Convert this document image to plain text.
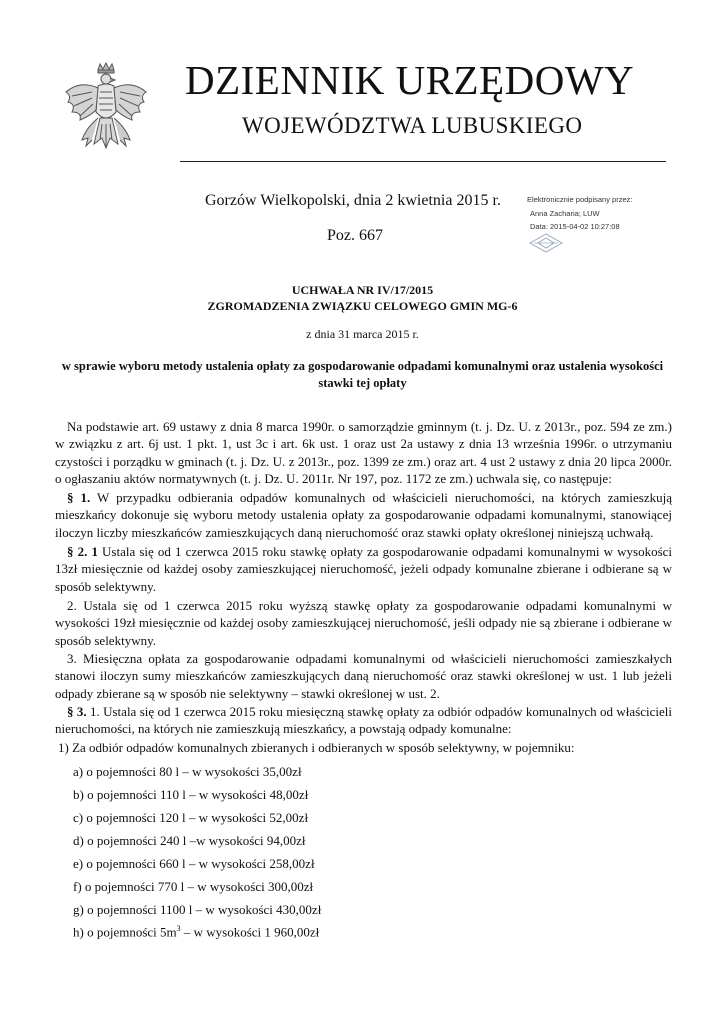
DZIENNIK URZĘDOWY
WOJEWÓDZTWA LUBUSKIEGO
Gorzów Wielkopolski, dnia 2 kwietnia 2015 r.
Poz. 667
Elektronicznie podpisany przez:
Anna Zacharia; LUW
Data: 2015-04-02 10:27:08
UCHWAŁA NR IV/17/2015
ZGROMADZENIA ZWIĄZKU CELOWEGO GMIN MG-6
z dnia 31 marca 2015 r.
w sprawie wyboru metody ustalenia opłaty za gospodarowanie odpadami komunalnymi oraz ustalenia wysokości stawki tej opłaty

Na podstawie art. 69 ustawy z dnia 8 marca 1990r. o samorządzie gminnym (t. j. Dz. U. z 2013r., poz. 594 ze zm.) w związku z art. 6j ust. 1 pkt. 1, ust 3c i art. 6k ust. 1 oraz ust 2a ustawy z dnia 13 września 1996r. o utrzymaniu czystości i porządku w gminach (t. j. Dz. U. z 2013r., poz. 1399 ze zm.) oraz art. 4 ust 2 ustawy z dnia 20 lipca 2000r. o ogłaszaniu aktów normatywnych (t. j. Dz. U. 2011r. Nr 197, poz. 1172 ze zm.) uchwala się, co następuje:

§ 1. W przypadku odbierania odpadów komunalnych od właścicieli nieruchomości, na których zamieszkują mieszkańcy dokonuje się wyboru metody ustalenia opłaty za gospodarowanie odpadami komunalnymi, stanowiącej iloczyn liczby mieszkańców zamieszkujących daną nieruchomość oraz stawki opłaty określonej niniejszą uchwałą.

§ 2. 1 Ustala się od 1 czerwca 2015 roku stawkę opłaty za gospodarowanie odpadami komunalnymi w wysokości 13zł miesięcznie od każdej osoby zamieszkującej nieruchomość, jeżeli odpady komunalne zbierane i odbierane są w sposób selektywny.

2. Ustala się od 1 czerwca 2015 roku wyższą stawkę opłaty za gospodarowanie odpadami komunalnymi w wysokości 19zł miesięcznie od każdej osoby zamieszkującej nieruchomość, jeśli odpady nie są zbierane i odbierane w sposób selektywny.

3. Miesięczna opłata za gospodarowanie odpadami komunalnymi od właścicieli nieruchomości zamieszkałych stanowi iloczyn sumy mieszkańców zamieszkujących daną nieruchomość oraz stawki określonej w ust. 1 lub jeżeli odpady zbierane są w sposób nie selektywny – stawki określonej w ust. 2.

§ 3. 1. Ustala się od 1 czerwca 2015 roku miesięczną stawkę opłaty za odbiór odpadów komunalnych od właścicieli nieruchomości, na których nie zamieszkują mieszkańcy, a powstają odpady komunalne:

1) Za odbiór odpadów komunalnych zbieranych i odbieranych w sposób selektywny, w pojemniku:
a) o pojemności 80 l – w wysokości 35,00zł
b) o pojemności 110 l – w wysokości 48,00zł
c) o pojemności 120 l – w wysokości 52,00zł
d) o pojemności 240 l –w wysokości 94,00zł
e) o pojemności 660 l – w wysokości 258,00zł
f) o pojemności 770 l – w wysokości 300,00zł
g) o pojemności 1100 l – w wysokości 430,00zł
h) o pojemności $5m^3$ – w wysokości 1 960,00zł
